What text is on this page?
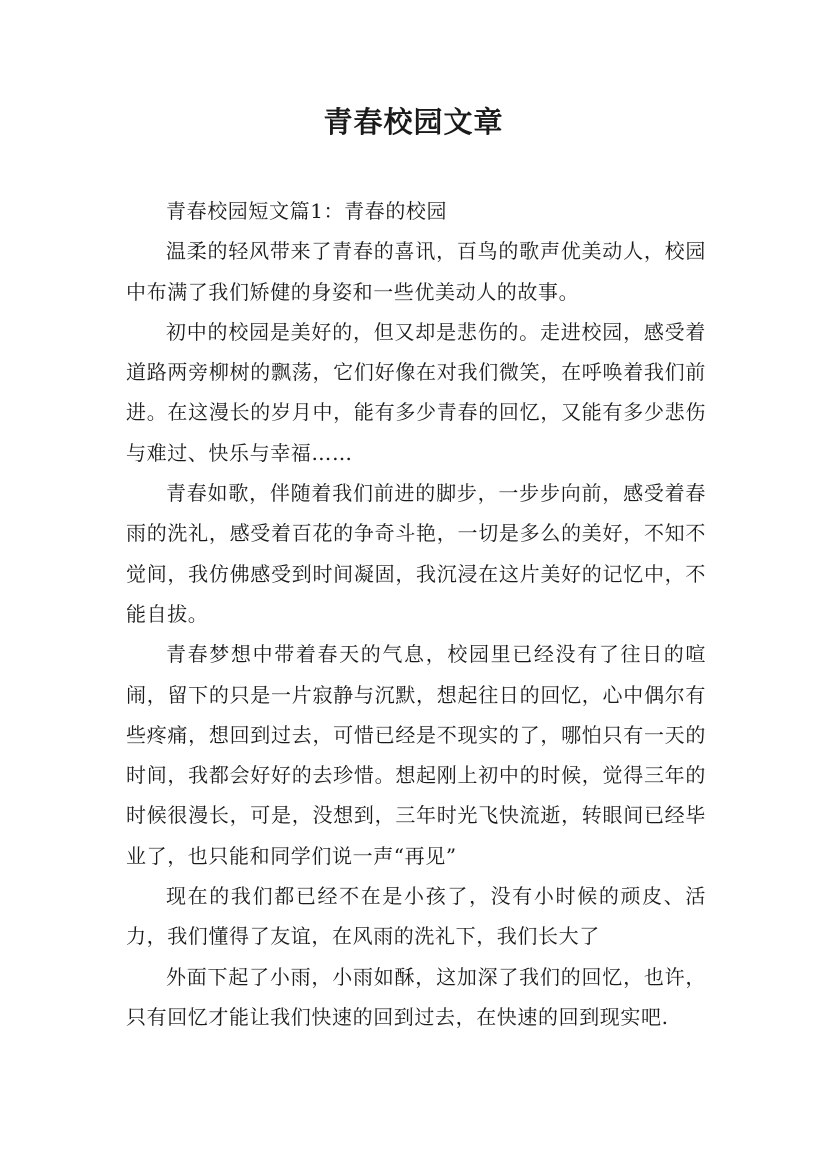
青春校园文章

青春校园短文篇1：青春的校园

温柔的轻风带来了青春的喜讯，百鸟的歌声优美动人，校园中布满了我们矫健的身姿和一些优美动人的故事。

初中的校园是美好的，但又却是悲伤的。走进校园，感受着道路两旁柳树的飘荡，它们好像在对我们微笑，在呼唤着我们前进。在这漫长的岁月中，能有多少青春的回忆，又能有多少悲伤与难过、快乐与幸福……

青春如歌，伴随着我们前进的脚步，一步步向前，感受着春雨的洗礼，感受着百花的争奇斗艳，一切是多么的美好，不知不觉间，我仿佛感受到时间凝固，我沉浸在这片美好的记忆中，不能自拔。

青春梦想中带着春天的气息，校园里已经没有了往日的喧闹，留下的只是一片寂静与沉默，想起往日的回忆，心中偶尔有些疼痛，想回到过去，可惜已经是不现实的了，哪怕只有一天的时间，我都会好好的去珍惜。想起刚上初中的时候，觉得三年的时候很漫长，可是，没想到，三年时光飞快流逝，转眼间已经毕业了，也只能和同学们说一声“再见”

现在的我们都已经不在是小孩了，没有小时候的顽皮、活力，我们懂得了友谊，在风雨的洗礼下，我们长大了

外面下起了小雨，小雨如酥，这加深了我们的回忆，也许，只有回忆才能让我们快速的回到过去，在快速的回到现实吧.
